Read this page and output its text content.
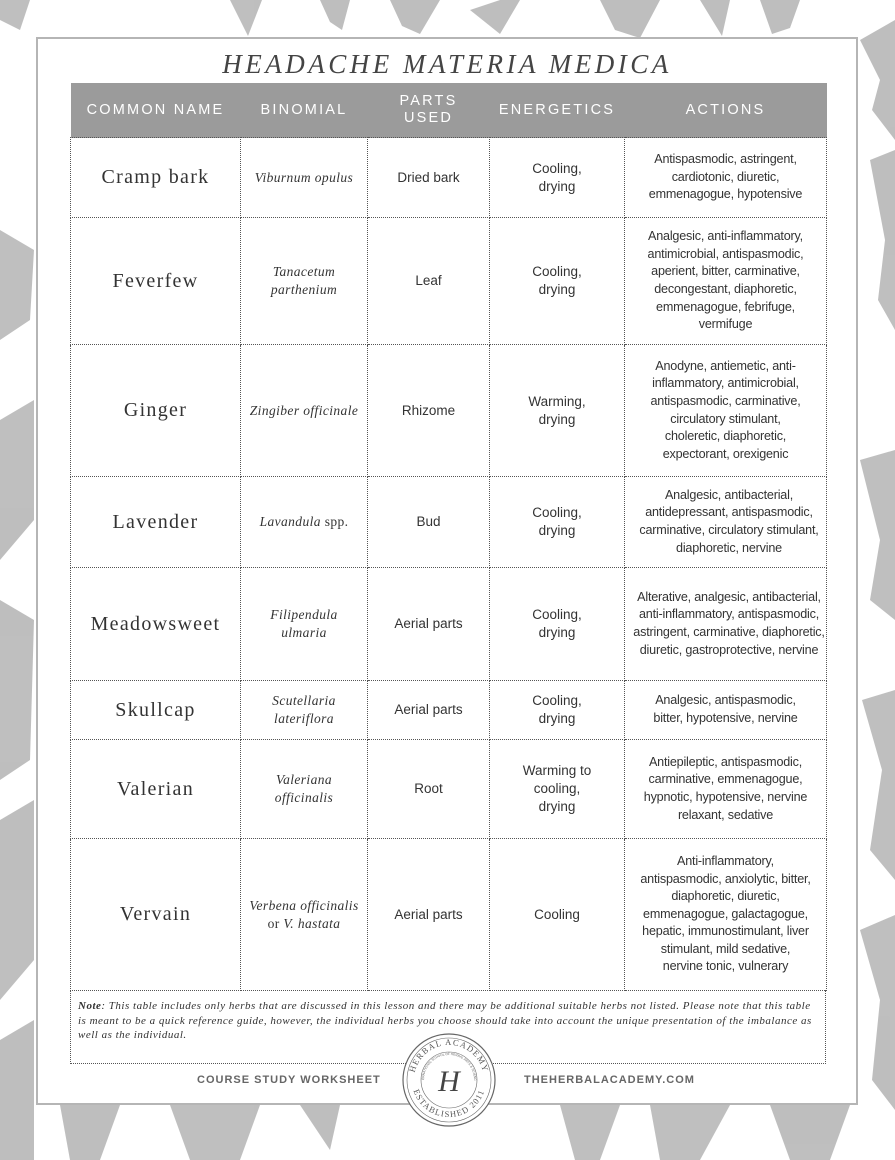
HEADACHE MATERIA MEDICA
COMMON NAME	BINOMIAL	PARTS USED	ENERGETICS	ACTIONS
Cramp bark	Viburnum opulus	Dried bark	Cooling, drying	Antispasmodic, astringent, cardiotonic, diuretic, emmenagogue, hypotensive

Feverfew	Tanacetum parthenium	Leaf	Cooling, drying	Analgesic, anti-inflammatory, antimicrobial, antispasmodic, aperient, bitter, carminative, decongestant, diaphoretic, emmenagogue, febrifuge, vermifuge

Ginger	Zingiber officinale	Rhizome	Warming, drying	Anodyne, antiemetic, anti-inflammatory, antimicrobial, antispasmodic, carminative, circulatory stimulant, choleretic, diaphoretic, expectorant, orexigenic

Lavender	Lavandula spp.	Bud	Cooling, drying	Analgesic, antibacterial, antidepressant, antispasmodic, carminative, circulatory stimulant, diaphoretic, nervine

Meadowsweet	Filipendula ulmaria	Aerial parts	Cooling, drying	Alterative, analgesic, antibacterial, anti-inflammatory, antispasmodic, astringent, carminative, diaphoretic, diuretic, gastroprotective, nervine

Skullcap	Scutellaria lateriflora	Aerial parts	Cooling, drying	Analgesic, antispasmodic, bitter, hypotensive, nervine

Valerian	Valeriana officinalis	Root	Warming to cooling, drying	Antiepileptic, antispasmodic, carminative, emmenagogue, hypnotic, hypotensive, nervine relaxant, sedative

Vervain	Verbena officinalis or V. hastata	Aerial parts	Cooling	Anti-inflammatory, antispasmodic, anxiolytic, bitter, diaphoretic, diuretic, emmenagogue, galactagogue, hepatic, immunostimulant, liver stimulant, mild sedative, nervine tonic, vulnerary
Note: This table includes only herbs that are discussed in this lesson and there may be additional suitable herbs not listed. Please note that this table is meant to be a quick reference guide, however, the individual herbs you choose should take into account the unique presentation of the imbalance as well as the individual.
COURSE STUDY WORKSHEET	THEHERBALACADEMY.COM
HERBAL ACADEMY
ESTABLISHED 2011
ERNATIONAL SCHOOL OF HERBAL ARTS & SCIENC
H
